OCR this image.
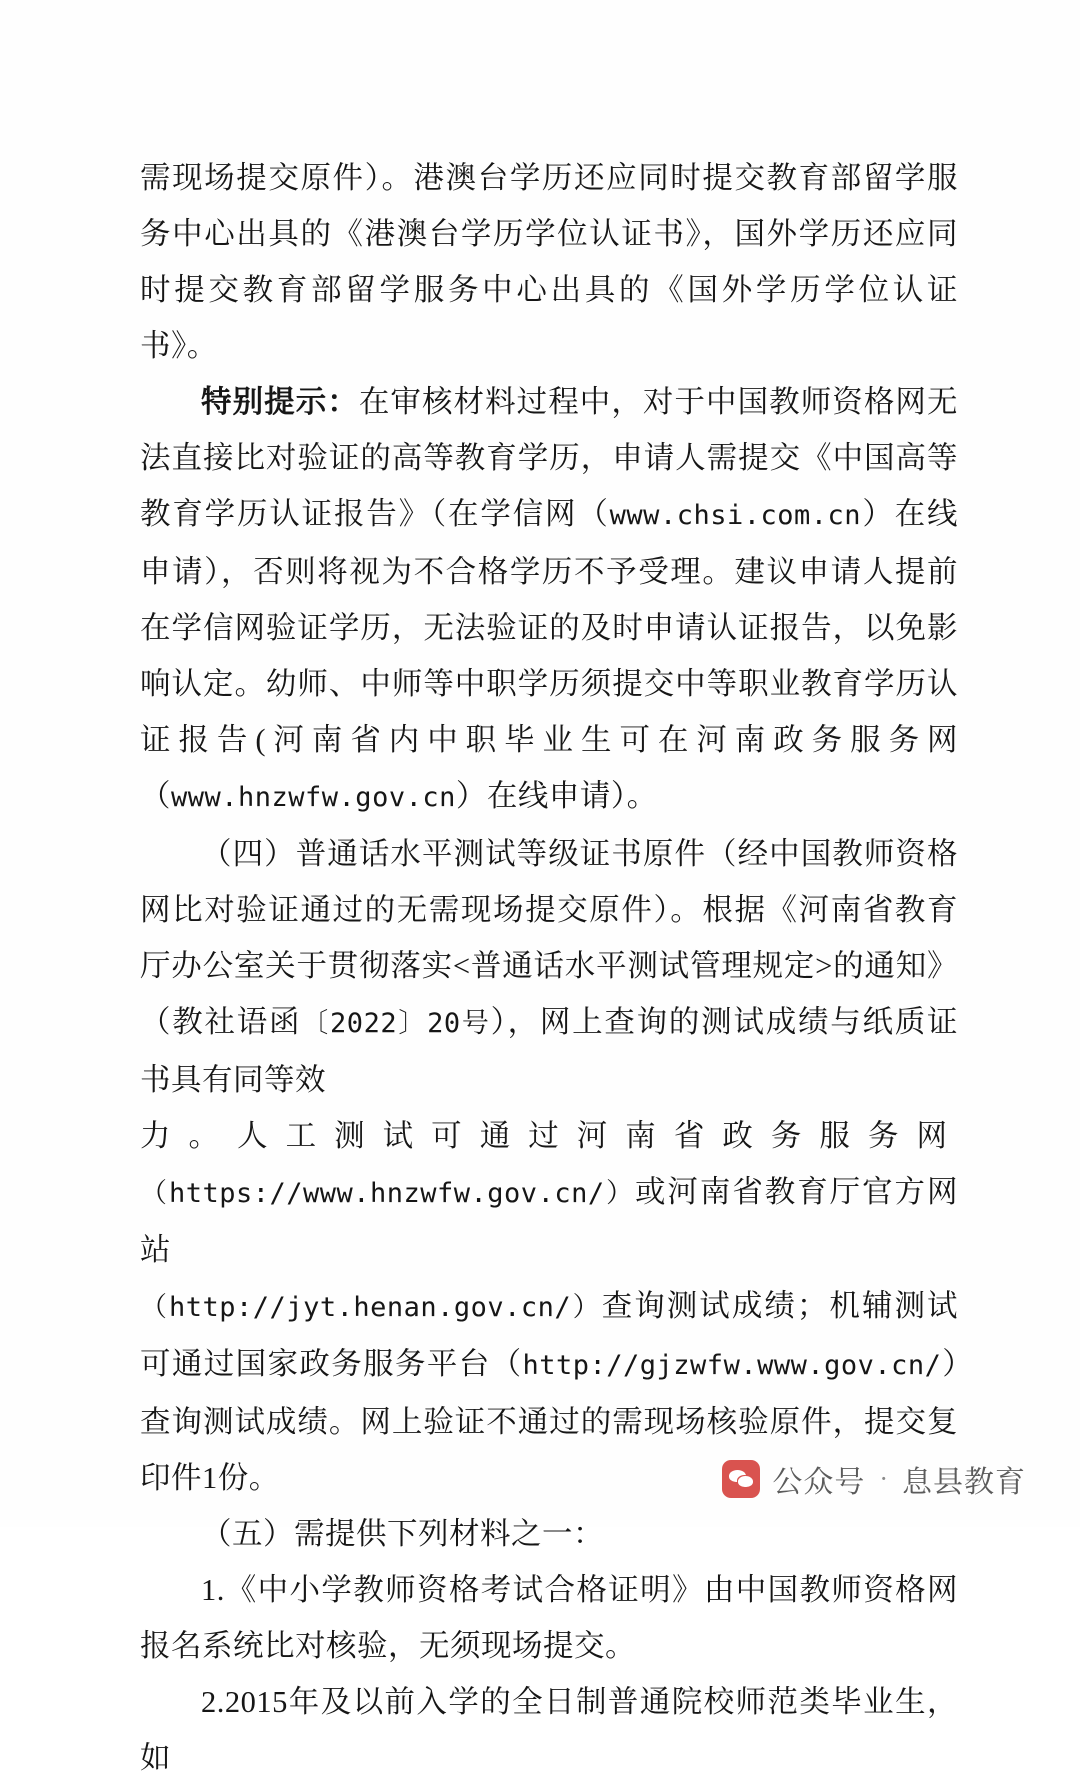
需现场提交原件）。港澳台学历还应同时提交教育部留学服务中心出具的《港澳台学历学位认证书》，国外学历还应同时提交教育部留学服务中心出具的《国外学历学位认证书》。

特别提示：在审核材料过程中，对于中国教师资格网无法直接比对验证的高等教育学历，申请人需提交《中国高等教育学历认证报告》（在学信网（www.chsi.com.cn）在线申请），否则将视为不合格学历不予受理。建议申请人提前在学信网验证学历，无法验证的及时申请认证报告，以免影响认定。幼师、中师等中职学历须提交中等职业教育学历认证报告(河南省内中职毕业生可在河南政务服务网（www.hnzwfw.gov.cn）在线申请）。

（四）普通话水平测试等级证书原件（经中国教师资格网比对验证通过的无需现场提交原件）。根据《河南省教育厅办公室关于贯彻落实<普通话水平测试管理规定>的通知》（教社语函〔2022〕20号），网上查询的测试成绩与纸质证书具有同等效

力。人工测试可通过河南省政务服务网

（https://www.hnzwfw.gov.cn/）或河南省教育厅官方网站

（http://jyt.henan.gov.cn/）查询测试成绩；机辅测试可通过国家政务服务平台（http://gjzwfw.www.gov.cn/）查询测试成绩。网上验证不通过的需现场核验原件，提交复印件1份。

（五）需提供下列材料之一：

1.《中小学教师资格考试合格证明》由中国教师资格网报名系统比对核验，无须现场提交。

2.2015年及以前入学的全日制普通院校师范类毕业生，如

公众号 · 息县教育
